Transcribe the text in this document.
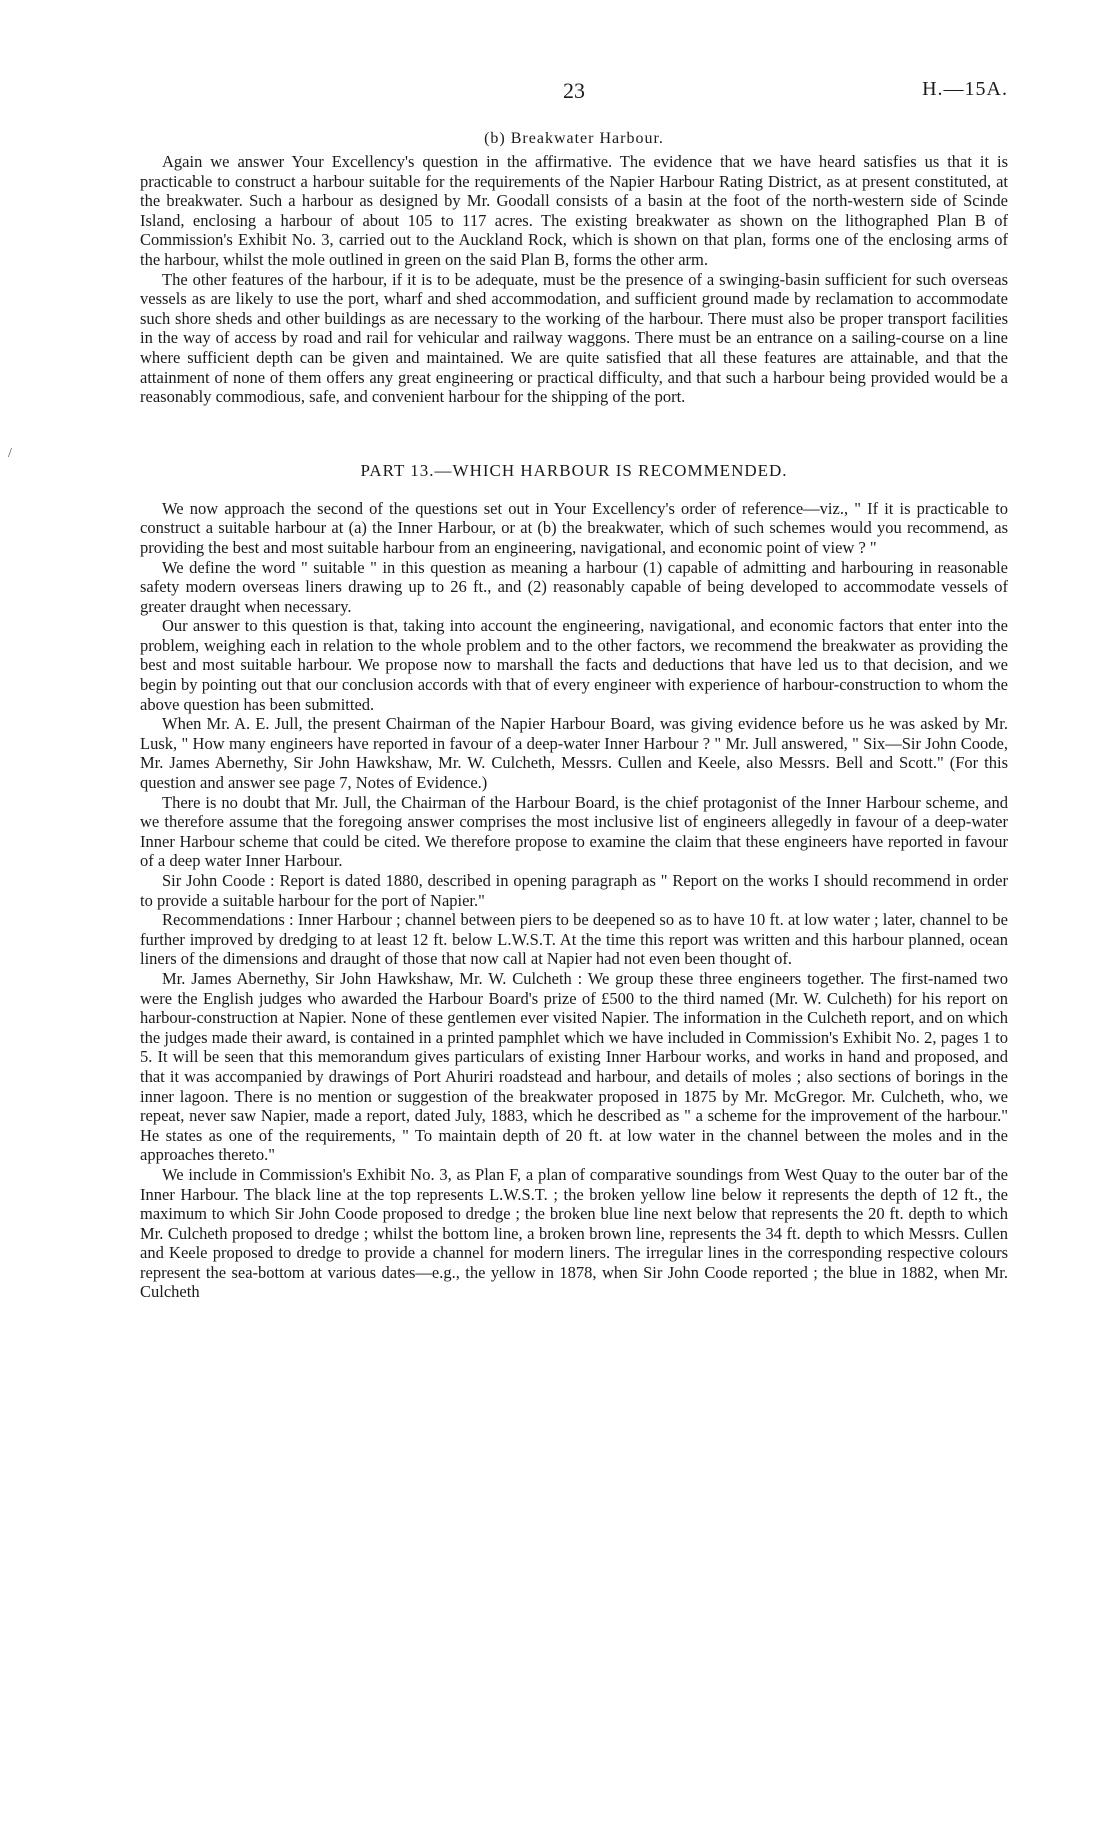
/
23	H.—15A.
(b) Breakwater Harbour.

Again we answer Your Excellency's question in the affirmative. The evidence that we have heard satisfies us that it is practicable to construct a harbour suitable for the requirements of the Napier Harbour Rating District, as at present constituted, at the breakwater. Such a harbour as designed by Mr. Goodall consists of a basin at the foot of the north-western side of Scinde Island, enclosing a harbour of about 105 to 117 acres. The existing breakwater as shown on the lithographed Plan B of Commission's Exhibit No. 3, carried out to the Auckland Rock, which is shown on that plan, forms one of the enclosing arms of the harbour, whilst the mole outlined in green on the said Plan B, forms the other arm.

The other features of the harbour, if it is to be adequate, must be the presence of a swinging-basin sufficient for such overseas vessels as are likely to use the port, wharf and shed accommodation, and sufficient ground made by reclamation to accommodate such shore sheds and other buildings as are necessary to the working of the harbour. There must also be proper transport facilities in the way of access by road and rail for vehicular and railway waggons. There must be an entrance on a sailing-course on a line where sufficient depth can be given and maintained. We are quite satisfied that all these features are attainable, and that the attainment of none of them offers any great engineering or practical difficulty, and that such a harbour being provided would be a reasonably commodious, safe, and convenient harbour for the shipping of the port.

PART 13.—WHICH HARBOUR IS RECOMMENDED.

We now approach the second of the questions set out in Your Excellency's order of reference—viz., " If it is practicable to construct a suitable harbour at (a) the Inner Harbour, or at (b) the breakwater, which of such schemes would you recommend, as providing the best and most suitable harbour from an engineering, navigational, and economic point of view ? "

We define the word " suitable " in this question as meaning a harbour (1) capable of admitting and harbouring in reasonable safety modern overseas liners drawing up to 26 ft., and (2) reasonably capable of being developed to accommodate vessels of greater draught when necessary.

Our answer to this question is that, taking into account the engineering, navigational, and economic factors that enter into the problem, weighing each in relation to the whole problem and to the other factors, we recommend the breakwater as providing the best and most suitable harbour. We propose now to marshall the facts and deductions that have led us to that decision, and we begin by pointing out that our conclusion accords with that of every engineer with experience of harbour-construction to whom the above question has been submitted.

When Mr. A. E. Jull, the present Chairman of the Napier Harbour Board, was giving evidence before us he was asked by Mr. Lusk, " How many engineers have reported in favour of a deep-water Inner Harbour ? " Mr. Jull answered, " Six—Sir John Coode, Mr. James Abernethy, Sir John Hawkshaw, Mr. W. Culcheth, Messrs. Cullen and Keele, also Messrs. Bell and Scott." (For this question and answer see page 7, Notes of Evidence.)

There is no doubt that Mr. Jull, the Chairman of the Harbour Board, is the chief protagonist of the Inner Harbour scheme, and we therefore assume that the foregoing answer comprises the most inclusive list of engineers allegedly in favour of a deep-water Inner Harbour scheme that could be cited. We therefore propose to examine the claim that these engineers have reported in favour of a deep water Inner Harbour.

Sir John Coode : Report is dated 1880, described in opening paragraph as " Report on the works I should recommend in order to provide a suitable harbour for the port of Napier."

Recommendations : Inner Harbour ; channel between piers to be deepened so as to have 10 ft. at low water ; later, channel to be further improved by dredging to at least 12 ft. below L.W.S.T. At the time this report was written and this harbour planned, ocean liners of the dimensions and draught of those that now call at Napier had not even been thought of.

Mr. James Abernethy, Sir John Hawkshaw, Mr. W. Culcheth : We group these three engineers together. The first-named two were the English judges who awarded the Harbour Board's prize of £500 to the third named (Mr. W. Culcheth) for his report on harbour-construction at Napier. None of these gentlemen ever visited Napier. The information in the Culcheth report, and on which the judges made their award, is contained in a printed pamphlet which we have included in Commission's Exhibit No. 2, pages 1 to 5. It will be seen that this memorandum gives particulars of existing Inner Harbour works, and works in hand and proposed, and that it was accompanied by drawings of Port Ahuriri roadstead and harbour, and details of moles ; also sections of borings in the inner lagoon. There is no mention or suggestion of the breakwater proposed in 1875 by Mr. McGregor. Mr. Culcheth, who, we repeat, never saw Napier, made a report, dated July, 1883, which he described as " a scheme for the improvement of the harbour." He states as one of the requirements, " To maintain depth of 20 ft. at low water in the channel between the moles and in the approaches thereto."

We include in Commission's Exhibit No. 3, as Plan F, a plan of comparative soundings from West Quay to the outer bar of the Inner Harbour. The black line at the top represents L.W.S.T. ; the broken yellow line below it represents the depth of 12 ft., the maximum to which Sir John Coode proposed to dredge ; the broken blue line next below that represents the 20 ft. depth to which Mr. Culcheth proposed to dredge ; whilst the bottom line, a broken brown line, represents the 34 ft. depth to which Messrs. Cullen and Keele proposed to dredge to provide a channel for modern liners. The irregular lines in the corresponding respective colours represent the sea-bottom at various dates—e.g., the yellow in 1878, when Sir John Coode reported ; the blue in 1882, when Mr. Culcheth
